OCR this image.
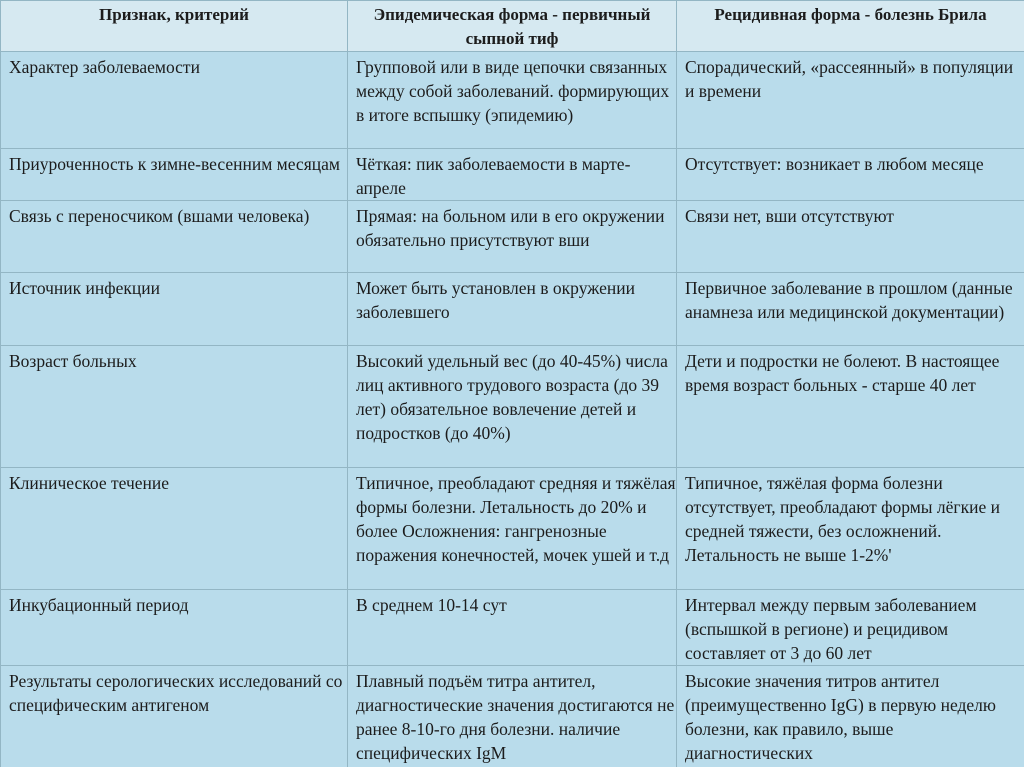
Признак, критерий	Эпидемическая форма - первичный сыпной тиф	Рецидивная форма - болезнь Брила
Характер заболеваемости	Групповой или в виде цепочки связанных между собой заболеваний. формирующих в итоге вспышку (эпидемию)	Спорадический, «рассеянный» в популяции и времени
Приуроченность к зимне-весенним месяцам	Чёткая: пик заболеваемости в марте-апреле	Отсутствует: возникает в любом месяце
Связь с переносчиком (вшами человека)	Прямая: на больном или в его окружении обязательно присутствуют вши	Связи нет, вши отсутствуют
Источник инфекции	Может быть установлен в окружении заболевшего	Первичное заболевание в прошлом (данные анамнеза или медицинской документации)
Возраст больных	Высокий удельный вес (до 40-45%) числа лиц активного трудового возраста (до 39 лет) обязательное вовлечение детей и подростков (до 40%)	Дети и подростки не болеют. В настоящее время возраст больных - старше 40 лет
Клиническое течение	Типичное, преобладают средняя и тяжёлая формы болезни. Летальность до 20% и более Осложнения: гангренозные поражения конечностей, мочек ушей и т.д	Типичное, тяжёлая форма болезни отсутствует, преобладают формы лёгкие и средней тяжести, без осложнений. Летальность не выше 1-2%'
Инкубационный период	В среднем 10-14 сут	Интервал между первым заболеванием (вспышкой в регионе) и рецидивом составляет от 3 до 60 лет
Результаты серологических исследований со специфическим антигеном	Плавный подъём титра антител, диагностические значения достигаются не ранее 8-10-го дня болезни. наличие специфических IgM	Высокие значения титров антител (преимущественно IgG) в первую неделю болезни, как правило, выше диагностических
